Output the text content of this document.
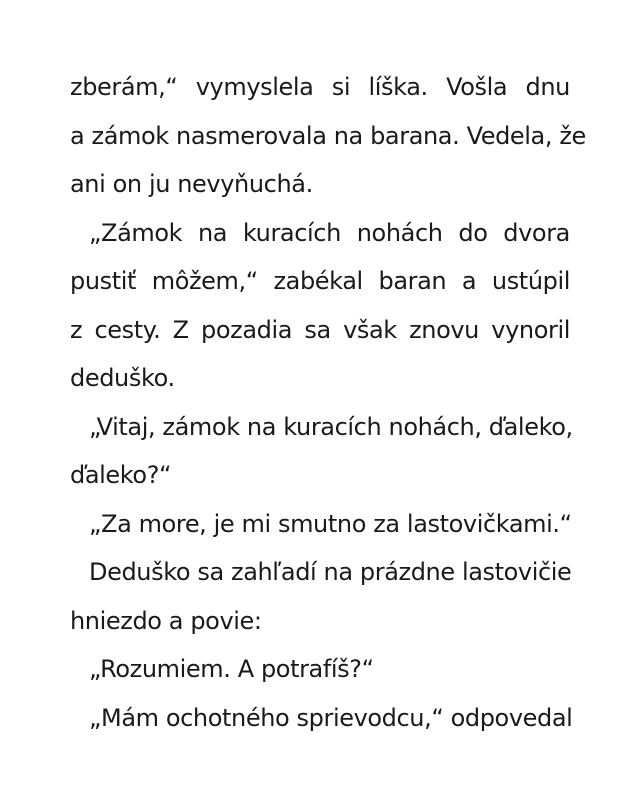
zberám,“ vymyslela si líška. Vošla dnu
a zámok nasmerovala na barana. Vedela, že
ani on ju nevyňuchá.
„Zámok na kuracích nohách do dvora
pustiť môžem,“ zabékal baran a ustúpil
z cesty. Z pozadia sa však znovu vynoril
deduško.
„Vitaj, zámok na kuracích nohách, ďaleko,
ďaleko?“
„Za more, je mi smutno za lastovičkami.“
Deduško sa zahľadí na prázdne lastovičie
hniezdo a povie:
„Rozumiem. A potrafíš?“
„Mám ochotného sprievodcu,“ odpovedal
